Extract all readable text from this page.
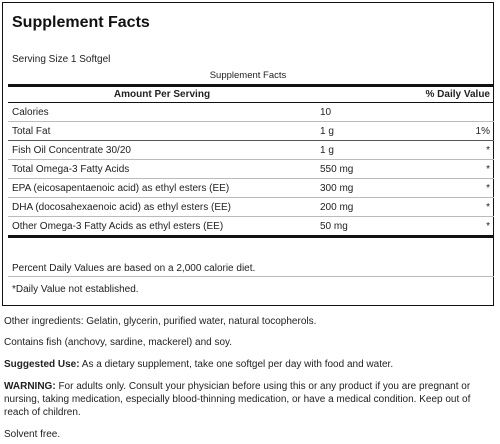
Supplement Facts
Serving Size 1 Softgel
Supplement Facts
Amount Per Serving		% Daily Value
Calories	10	
Total Fat	1 g	1%
Fish Oil Concentrate 30/20	1 g	*
Total Omega-3 Fatty Acids	550 mg	*
EPA (eicosapentaenoic acid) as ethyl esters (EE)	300 mg	*
DHA (docosahexaenoic acid) as ethyl esters (EE)	200 mg	*
Other Omega-3 Fatty Acids as ethyl esters (EE)	50 mg	*
Percent Daily Values are based on a 2,000 calorie diet.
*Daily Value not established.
Other ingredients: Gelatin, glycerin, purified water, natural tocopherols.
Contains fish (anchovy, sardine, mackerel) and soy.
Suggested Use: As a dietary supplement, take one softgel per day with food and water.
WARNING: For adults only. Consult your physician before using this or any product if you are pregnant or nursing, taking medication, especially blood-thinning medication, or have a medical condition. Keep out of reach of children.
Solvent free.
